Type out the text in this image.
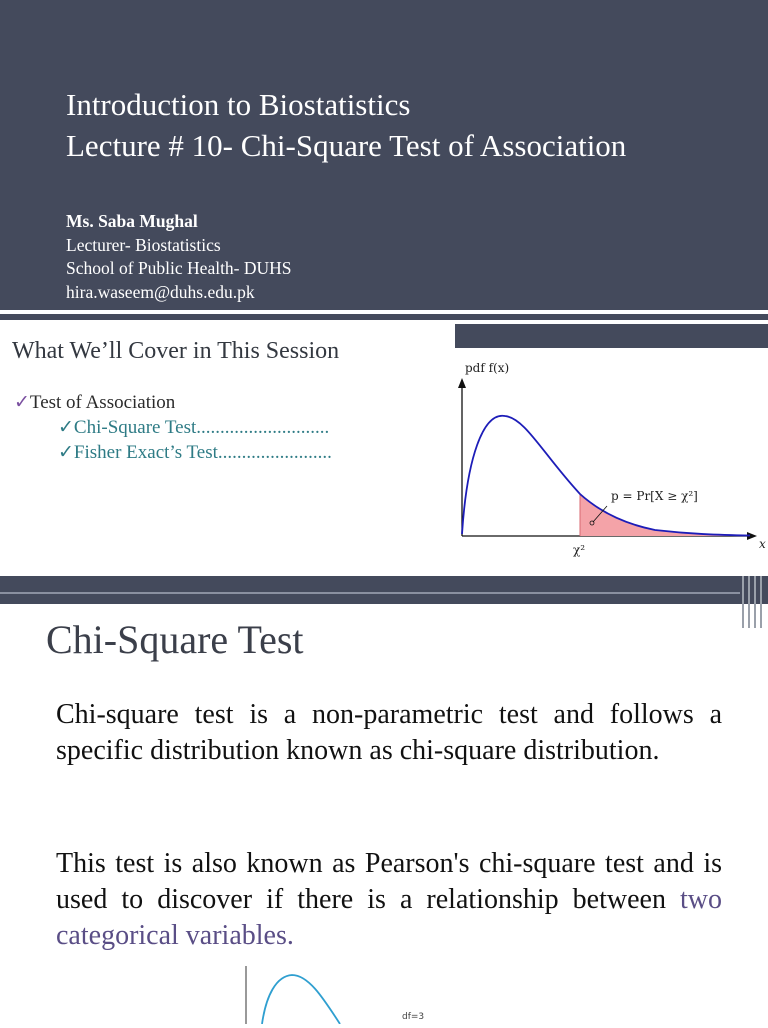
Introduction to Biostatistics
Lecture # 10- Chi-Square Test of Association
Ms. Saba Mughal
Lecturer- Biostatistics
School of Public Health- DUHS
hira.waseem@duhs.edu.pk
What We’ll Cover in This Session
✓Test of Association
✓Chi-Square Test............................
✓Fisher Exact’s Test........................
pdf f(x)
x
p = Pr[X ≥ χ²]
χ²
Chi-Square Test
Chi-square test is a non-parametric test and follows a specific distribution known as chi-square distribution.
This test is also known as Pearson's chi-square test and is used to discover if there is a relationship between two categorical variables.
df=3
